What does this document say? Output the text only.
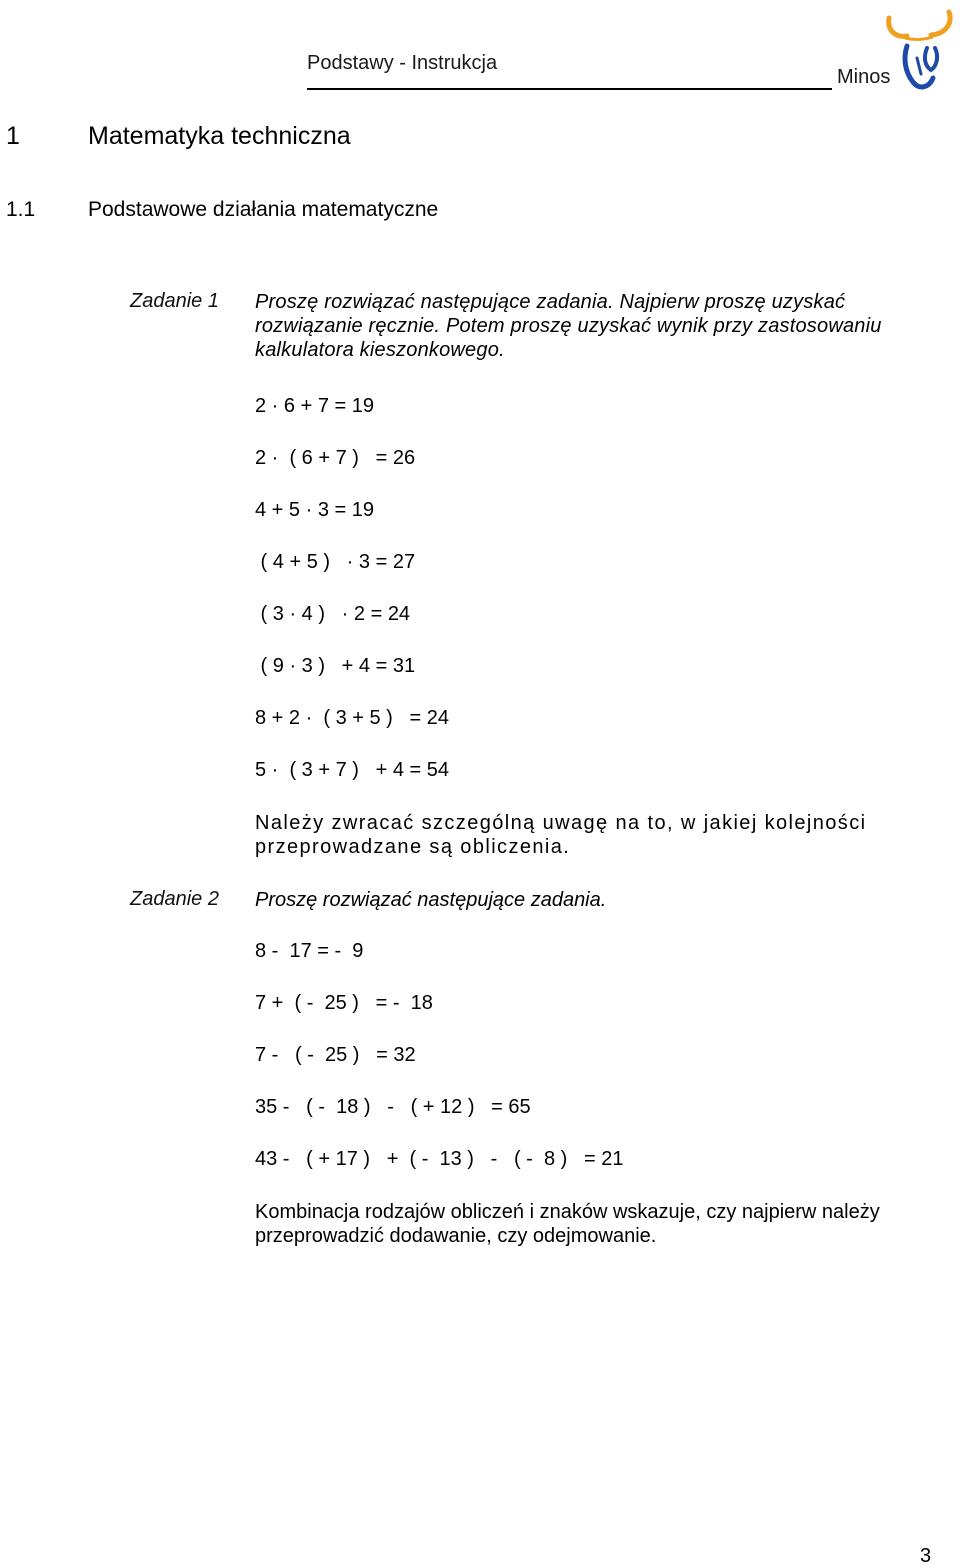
Podstawy - Instrukcja
Minos
1	Matematyka techniczna
1.1	Podstawowe działania matematyczne
Zadanie 1 Proszę rozwiązać następujące zadania. Najpierw proszę uzyskać rozwiązanie ręcznie. Potem proszę uzyskać wynik przy zastosowaniu kalkulatora kieszonkowego.
2 · 6 + 7 = 19
2 ·  ( 6 + 7 )   = 26
4 + 5 · 3 = 19
( 4 + 5 )   · 3 = 27
( 3 · 4 )   · 2 = 24
( 9 · 3 )   + 4 = 31
8 + 2 ·  ( 3 + 5 )   = 24
5 ·  ( 3 + 7 )   + 4 = 54
Należy zwracać szczególną uwagę na to, w jakiej kolejności przeprowadzane są obliczenia.
Zadanie 2 Proszę rozwiązać następujące zadania.
8 -  17 = -  9
7 +  ( -  25 )   = -  18
7 -   ( -  25 )   = 32
35 -   ( -  18 )   -   ( + 12 )   = 65
43 -   ( + 17 )   +  ( -  13 )   -   ( -  8 )   = 21
Kombinacja rodzajów obliczeń i znaków wskazuje, czy najpierw należy przeprowadzić dodawanie, czy odejmowanie.
3
